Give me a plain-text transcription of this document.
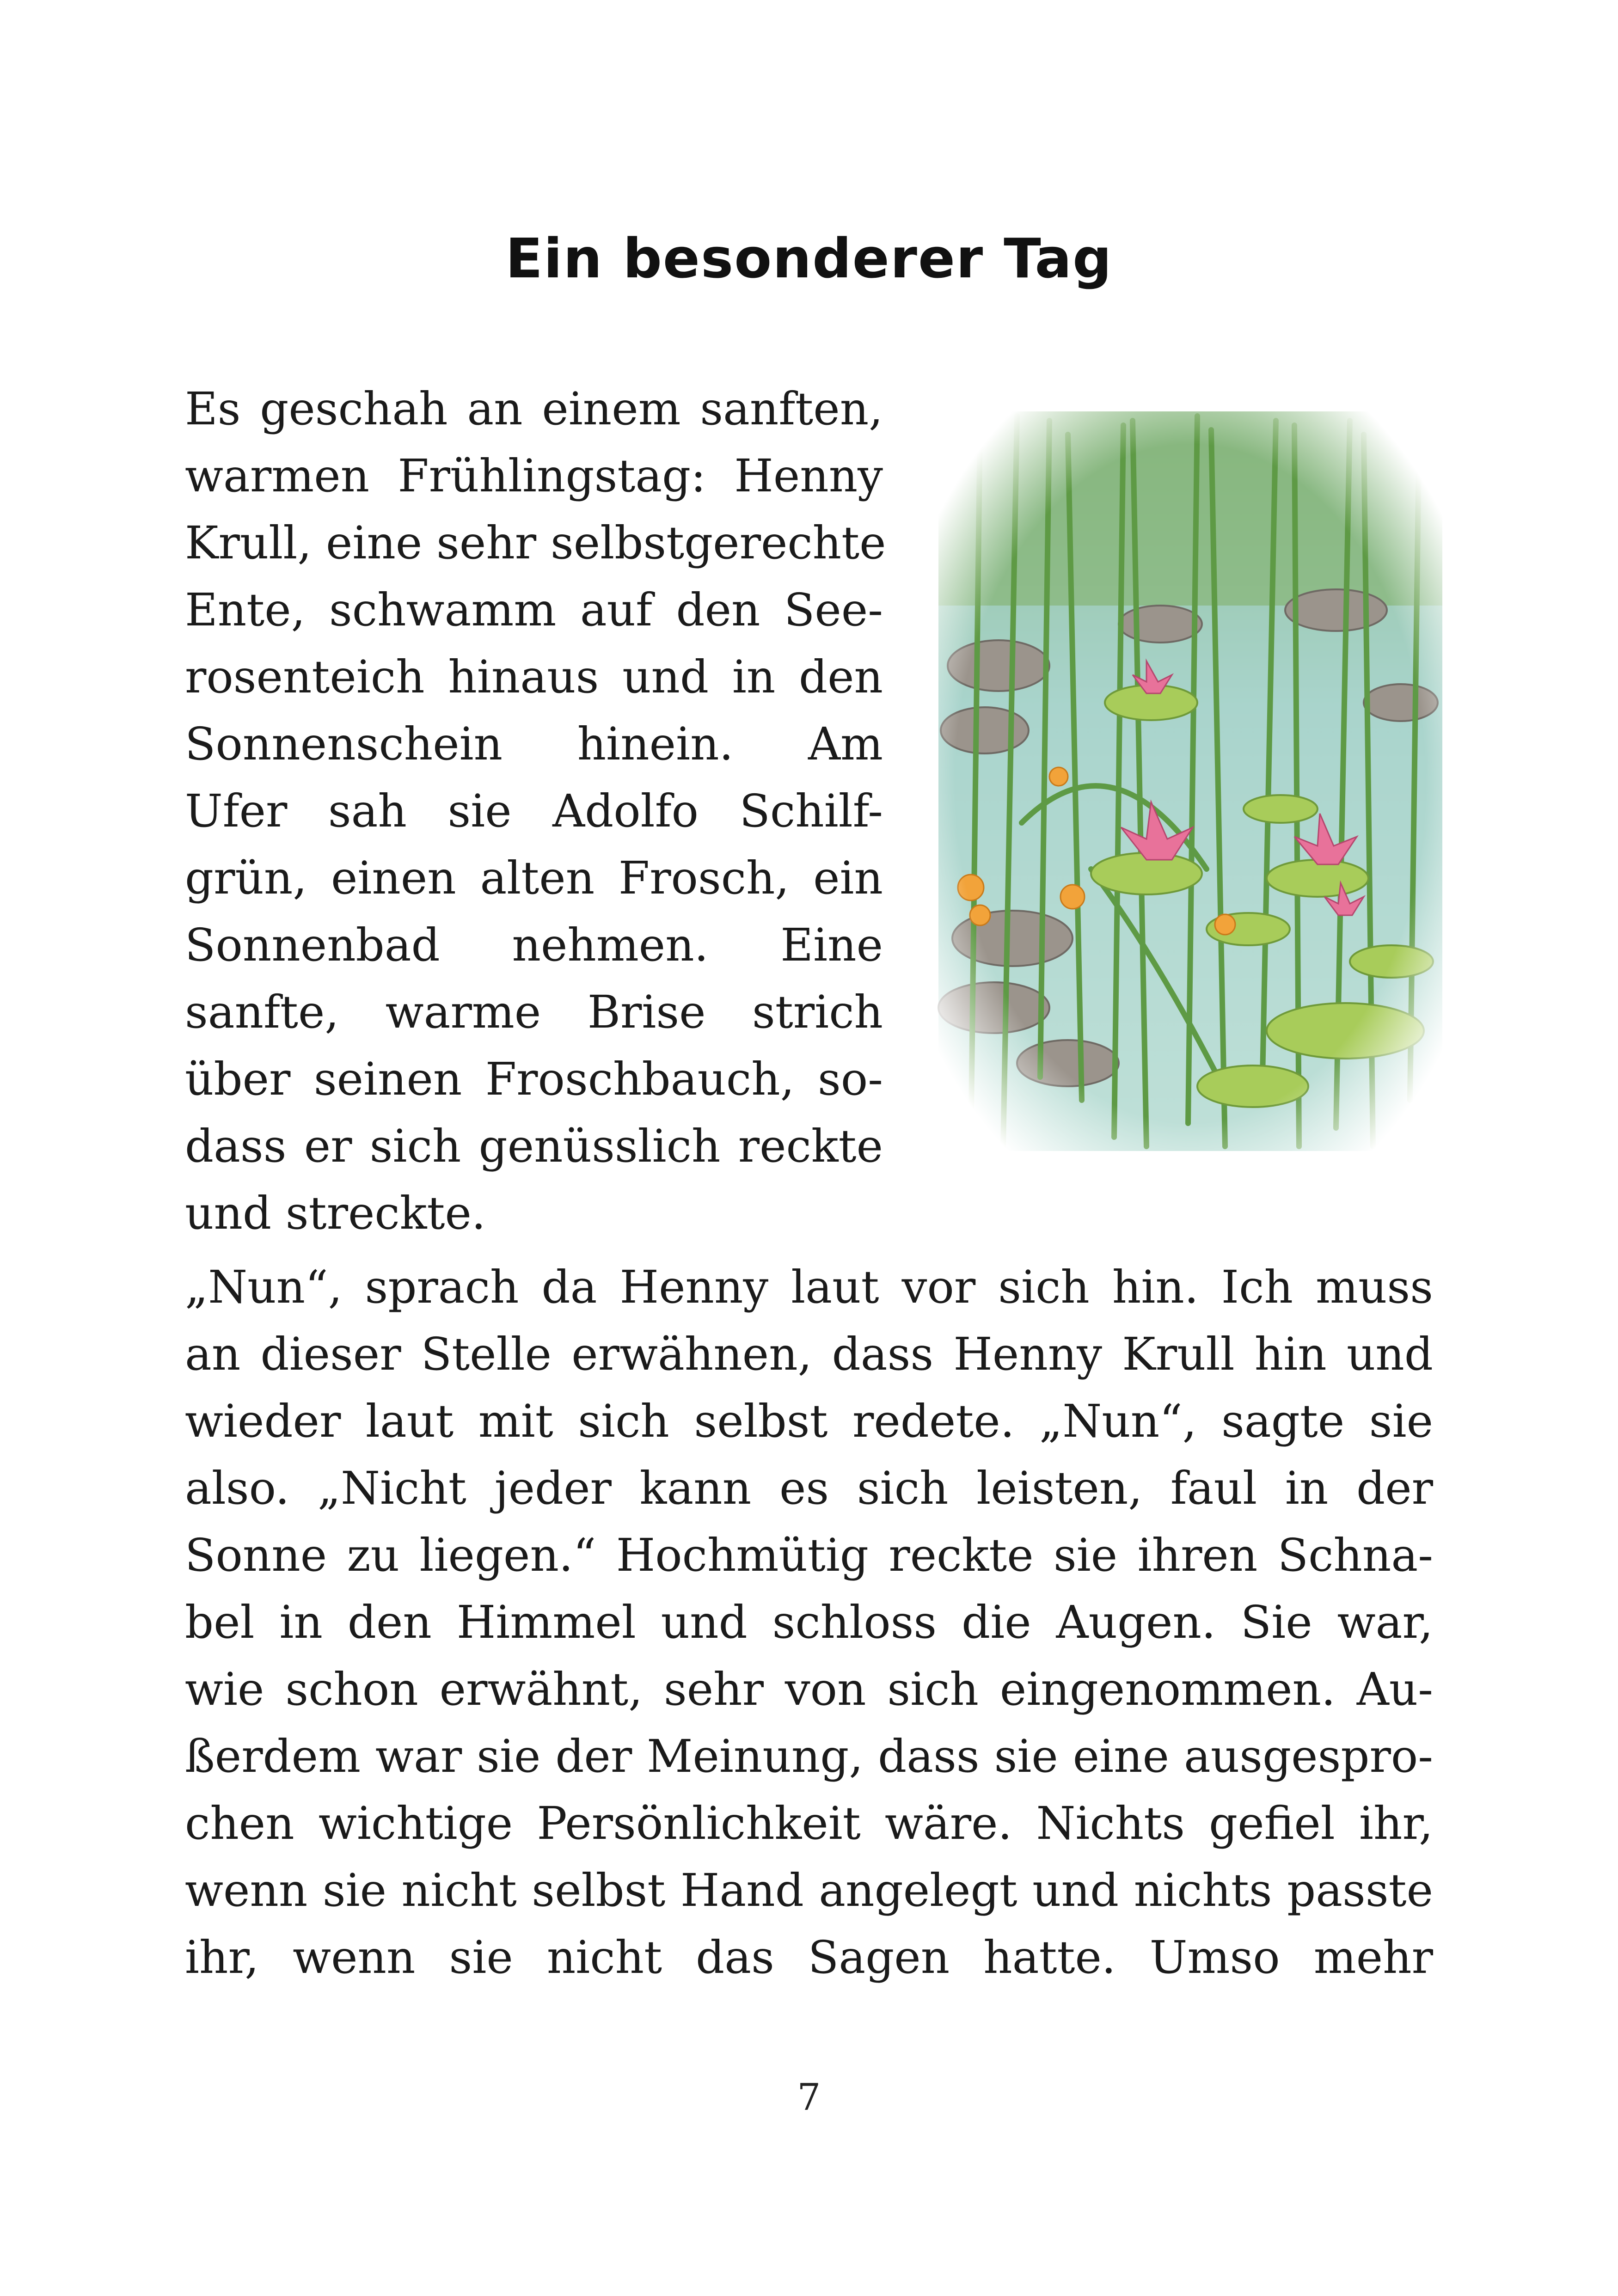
Ein besonderer Tag
Es geschah an einem sanften,
warmen Frühlingstag: Henny
Krull, eine sehr selbstgerechte
Ente, schwamm auf den See-
rosenteich hinaus und in den
Sonnenschein hinein. Am
Ufer sah sie Adolfo Schilf-
grün, einen alten Frosch, ein
Sonnenbad nehmen. Eine
sanfte, warme Brise strich
über seinen Froschbauch, so-
dass er sich genüsslich reckte
und streckte.
„Nun“, sprach da Henny laut vor sich hin. Ich muss
an dieser Stelle erwähnen, dass Henny Krull hin und
wieder laut mit sich selbst redete. „Nun“, sagte sie
also. „Nicht jeder kann es sich leisten, faul in der
Sonne zu liegen.“ Hochmütig reckte sie ihren Schna-
bel in den Himmel und schloss die Augen. Sie war,
wie schon erwähnt, sehr von sich eingenommen. Au-
ßerdem war sie der Meinung, dass sie eine ausgespro-
chen wichtige Persönlichkeit wäre. Nichts gefiel ihr,
wenn sie nicht selbst Hand angelegt und nichts passte
ihr, wenn sie nicht das Sagen hatte. Umso mehr
7
